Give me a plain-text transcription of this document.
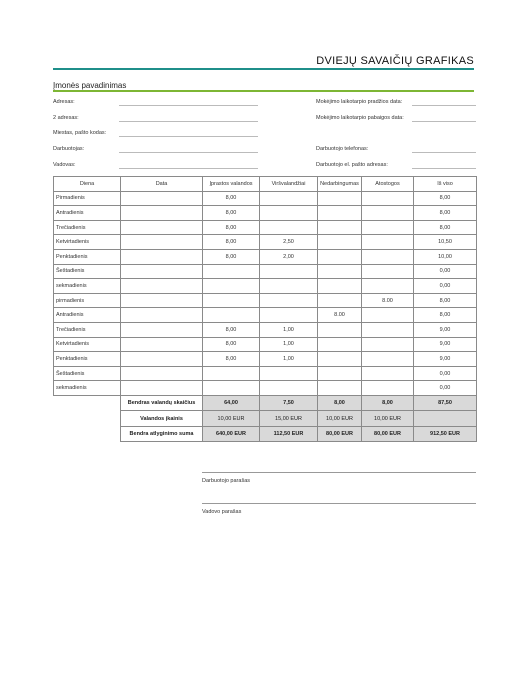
DVIEJŲ SAVAIČIŲ GRAFIKAS
Įmonės pavadinimas
Adresas:
2 adresas:
Miestas, pašto kodas:
Darbuotojas:
Vadovas:
Mokėjimo laikotarpio pradžios data:
Mokėjimo laikotarpio pabaigos data:
Darbuotojo telefonas:
Darbuotojo el. pašto adresas:
Diena	Data	Įprastos valandos	Viršvalandžiai	Nedarbingumas	Atostogos	Iš viso
Pirmadienis		8,00				8,00
Antradienis		8,00				8,00
Trečiadienis		8,00				8,00
Ketvirtadienis		8,00	2,50			10,50
Penktadienis		8,00	2,00			10,00
Šeštadienis						0,00
sekmadienis						0,00
pirmadienis					8.00	8,00
Antradienis				8.00		8,00
Trečiadienis		8,00	1,00			9,00
Ketvirtadienis		8,00	1,00			9,00
Penktadienis		8,00	1,00			9,00
Šeštadienis						0,00
sekmadienis						0,00
	Bendras valandų skaičius	64,00	7,50	8,00	8,00	87,50
	Valandos įkainis	10,00 EUR	15,00 EUR	10,00 EUR	10,00 EUR	
	Bendra atlyginimo suma	640,00 EUR	112,50 EUR	80,00 EUR	80,00 EUR	912,50 EUR
Darbuotojo parašas
Vadovo parašas
